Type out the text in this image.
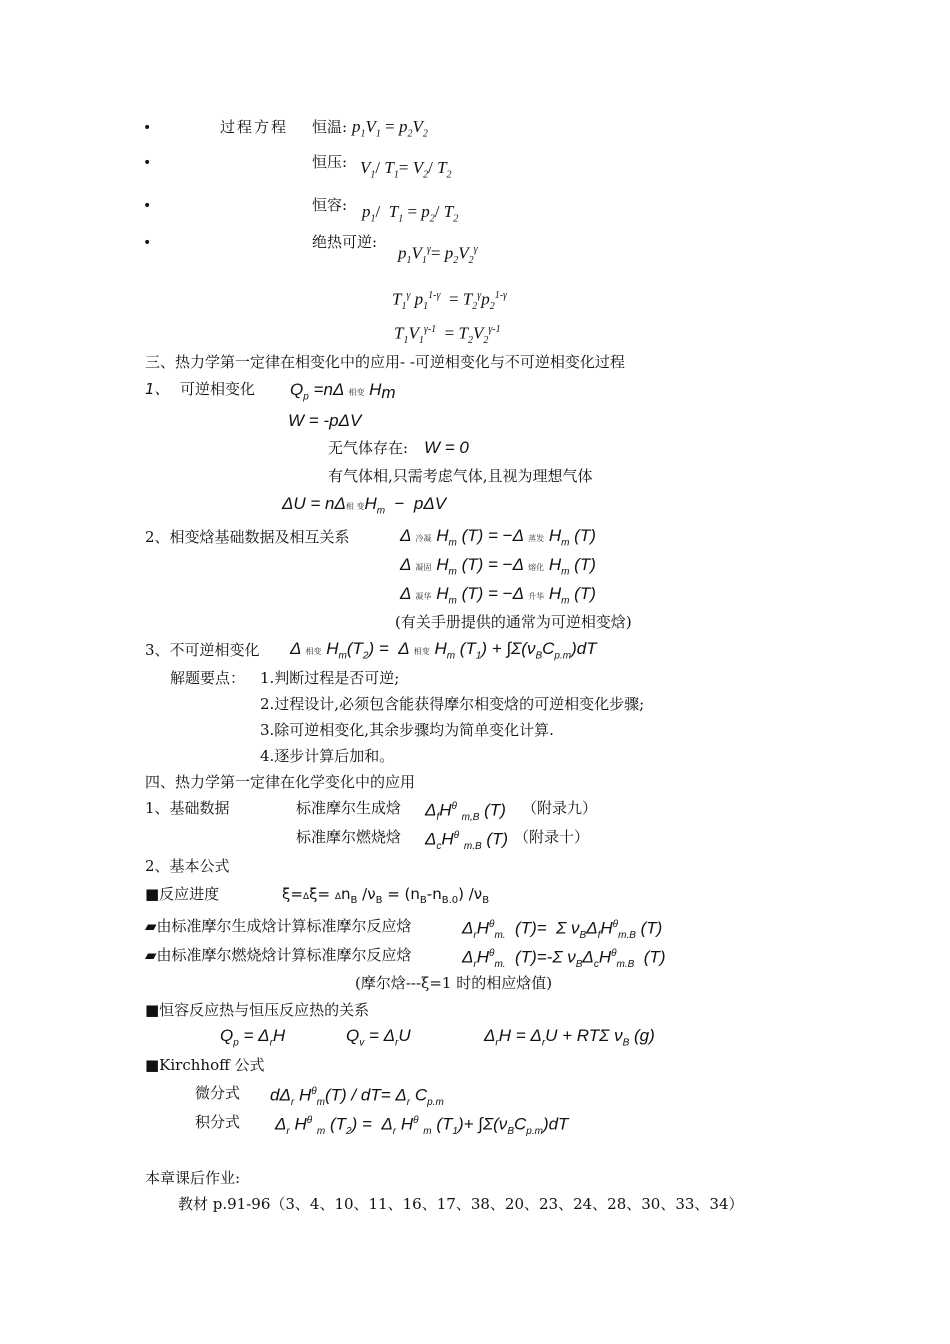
•	过程方程 恒温: $p_1V_1 = p_2V_2$
•	恒压: $V_1/$ $T_1= V_2/$ $T_2$
•	恒容: $p_1/$  $T_1 = p_2/$ $T_2$
•	绝热可逆:
$p_1V_1^\gamma= p_2V_2^\gamma$
$T_1^\gamma$ $p_1^{1-\gamma} = T_2^\gamma p_2^{1-\gamma}$
$T_1V_1^{\gamma-1} = T_2V_2^{\gamma-1}$
三、热力学第一定律在相变化中的应用- -可逆相变化与不可逆相变化过程
1、 可逆相变化 $Q_p =n\Delta$ 相变 $H_m$
W = -pΔV
无气体存在: W = 0
有气体相,只需考虑气体,且视为理想气体
ΔU = nΔ相 变$H_m - p\Delta V$
2、相变焓基础数据及相互关系	Δ 冷凝 $H_m$ (T) = −Δ 蒸发 $H_m$ (T)
Δ 凝固 $H_m$ (T) = −Δ 熔化 $H_m$ (T)
Δ 凝华 $H_m$ (T) = −Δ 升华 $H_m$ (T)
(有关手册提供的通常为可逆相变焓)
3、不可逆相变化 Δ 相变 $H_m(T_2) = \Delta$ 相变 $H_m$ $(T_1) + \int\Sigma(\nu_BC_{p.m})dT$
解题要点： 1.判断过程是否可逆;
2.过程设计,必须包含能获得摩尔相变焓的可逆相变化步骤;
3.除可逆相变化,其余步骤均为简单变化计算.
4.逐步计算后加和。
四、热力学第一定律在化学变化中的应用
1、基础数据	标准摩尔生成焓 $\Delta_fH^\theta$ $_{m,B}$ (T) （附录九）
标准摩尔燃烧焓 $\Delta_cH^\theta$ $_{m.B}$ (T) （附录十）
2、基本公式
■反应进度	$\xi=\Delta\xi= \Delta n_B$ $/\nu_B = (n_B-n_{B.0})$ $/\nu_B$
▰由标准摩尔生成焓计算标准摩尔反应焓	$\Delta_rH^\theta_{m.}$  (T)=  Σ $\nu_B\Delta_fH^\theta_{m.B}$ (T)
▰由标准摩尔燃烧焓计算标准摩尔反应焓	$\Delta_rH^\theta_{m.}$  (T)=-Σ $\nu_B\Delta_cH^\theta_{m.B}$  (T)
(摩尔焓---ξ=1 时的相应焓值)
■恒容反应热与恒压反应热的关系
$Q_p = \Delta_rH$	$Q_v = \Delta_rU$	$\Delta_rH = \Delta_rU + RT\Sigma$ $\nu_B$ (g)
■Kirchhoff 公式
微分式 $d\Delta_r$ $H^\theta_m(T) / dT= \Delta_r$ $C_{p.m}$
积分式 $\Delta_r$ $H^\theta$ $_m$ $(T_2) = \Delta_r$ $H^\theta$ $_m$ $(T_1)+ \int\Sigma(\nu_BC_{p.m})dT$
本章课后作业:
教材 p.91-96（3、4、10、11、16、17、38、20、23、24、28、30、33、34）
